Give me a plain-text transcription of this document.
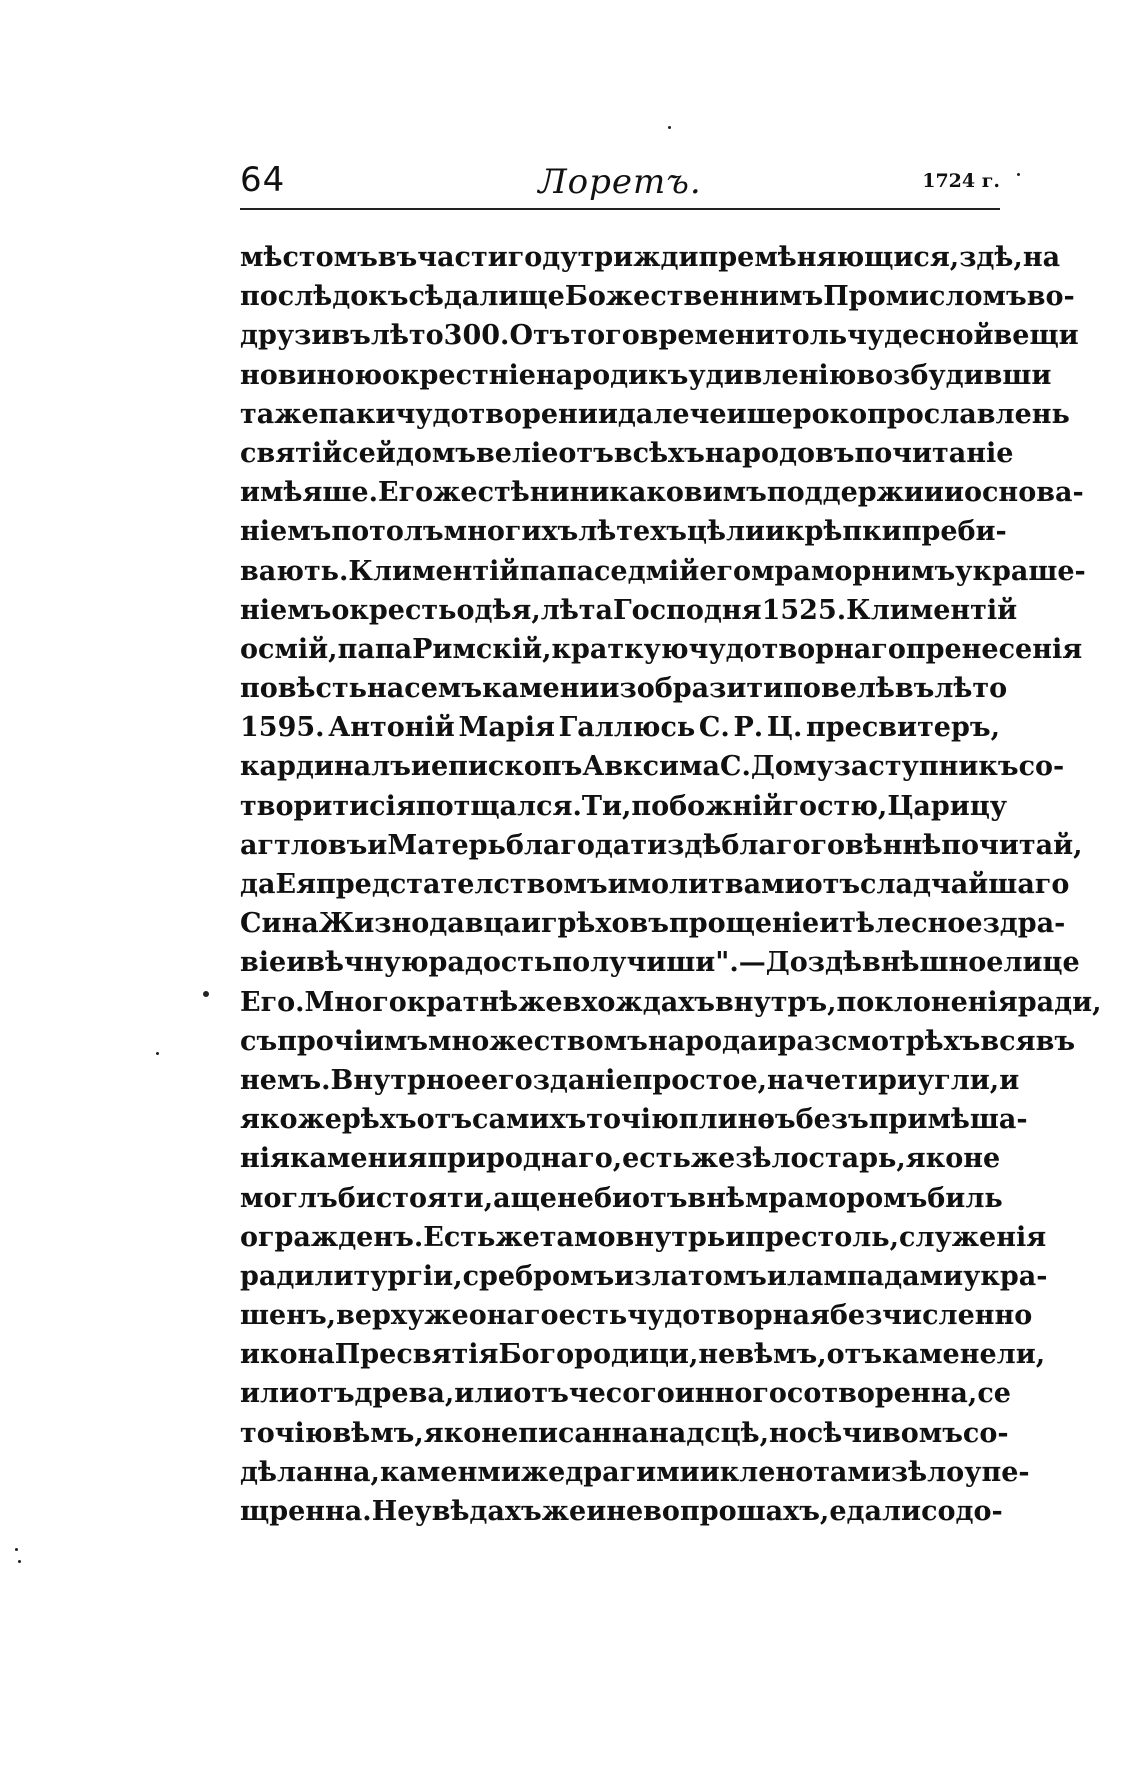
64	Лоретъ.	1724 г.
мѣстомъ въ части году трижди премѣняющися, здѣ, на
послѣдокъ сѣдалище Божественнимъ Промисломъ во-
друзи въ лѣто 300. Отъ того времени толь чудесной вещи
новиною окрестніе народи къ удивленію возбудивши
таже паки чудотворении далече и шероко прославлень
святій сей домъ веліе отъ всѣхъ народовъ почитаніе
имѣяше. Его же стѣни никаковимъ поддержиии основа-
ніемъ по толъ многихъ лѣтехъ цѣли и крѣпки преби-
вають. Климентій папа седмій его мраморнимъ украше-
ніемъ окресть одѣя, лѣта Господня 1525. Климентій
осмій, папа Римскій, краткую чудотворнаго пренесенія
повѣсть на семъ камени изобразити повелѣ въ лѣто
1595. Антоній Марія Галлюсь С. Р. Ц. пресвитеръ,
кардиналъ и епископъ Авксима С. Дому заступникъ со-
творити сія потщался. Ти, побожній гостю, Царицу
агтловъ и Матерь благодати здѣ благоговѣннѣ почитай,
да Ея предстателствомъ и молитвами отъ сладчайшаго
Сина Жизнодавца и грѣховъ прощеніе и тѣлесное здра-
віе и вѣчную радость получиши". — До здѣ внѣшное лице
Его. Многократнѣ же вхождахъ внутръ, поклоненія ради,
съ прочіимъ множествомъ народа и разсмотрѣхъ вся въ
немъ. Внутрное его зданіе простое, на четири угли, и
якоже рѣхъ отъ самихъ точію плинѳъ безъ примѣша-
нія камения природнаго, есть же зѣло старь, яко не
моглъ би стояти, аще не би отъвнѣ мраморомъ биль
огражденъ. Есть же тамо внутрь и престоль, служенія
ради литургіи, сребромъ и златомъ и лампадами укра-
шенъ, верху же онаго есть чудотворная безчисленно
икона Пресвятія Богородици, не вѣмъ, отъ камене ли,
или отъ древа, или отъ чесого инного сотворенна, се
точію вѣмъ, яко не писанна на дсцѣ, но сѣчивомъ со-
дѣланна, каменми же драгими и кленотами зѣло упе-
щренна. Не увѣдахъ же и не вопрошахъ, еда ли со до-
